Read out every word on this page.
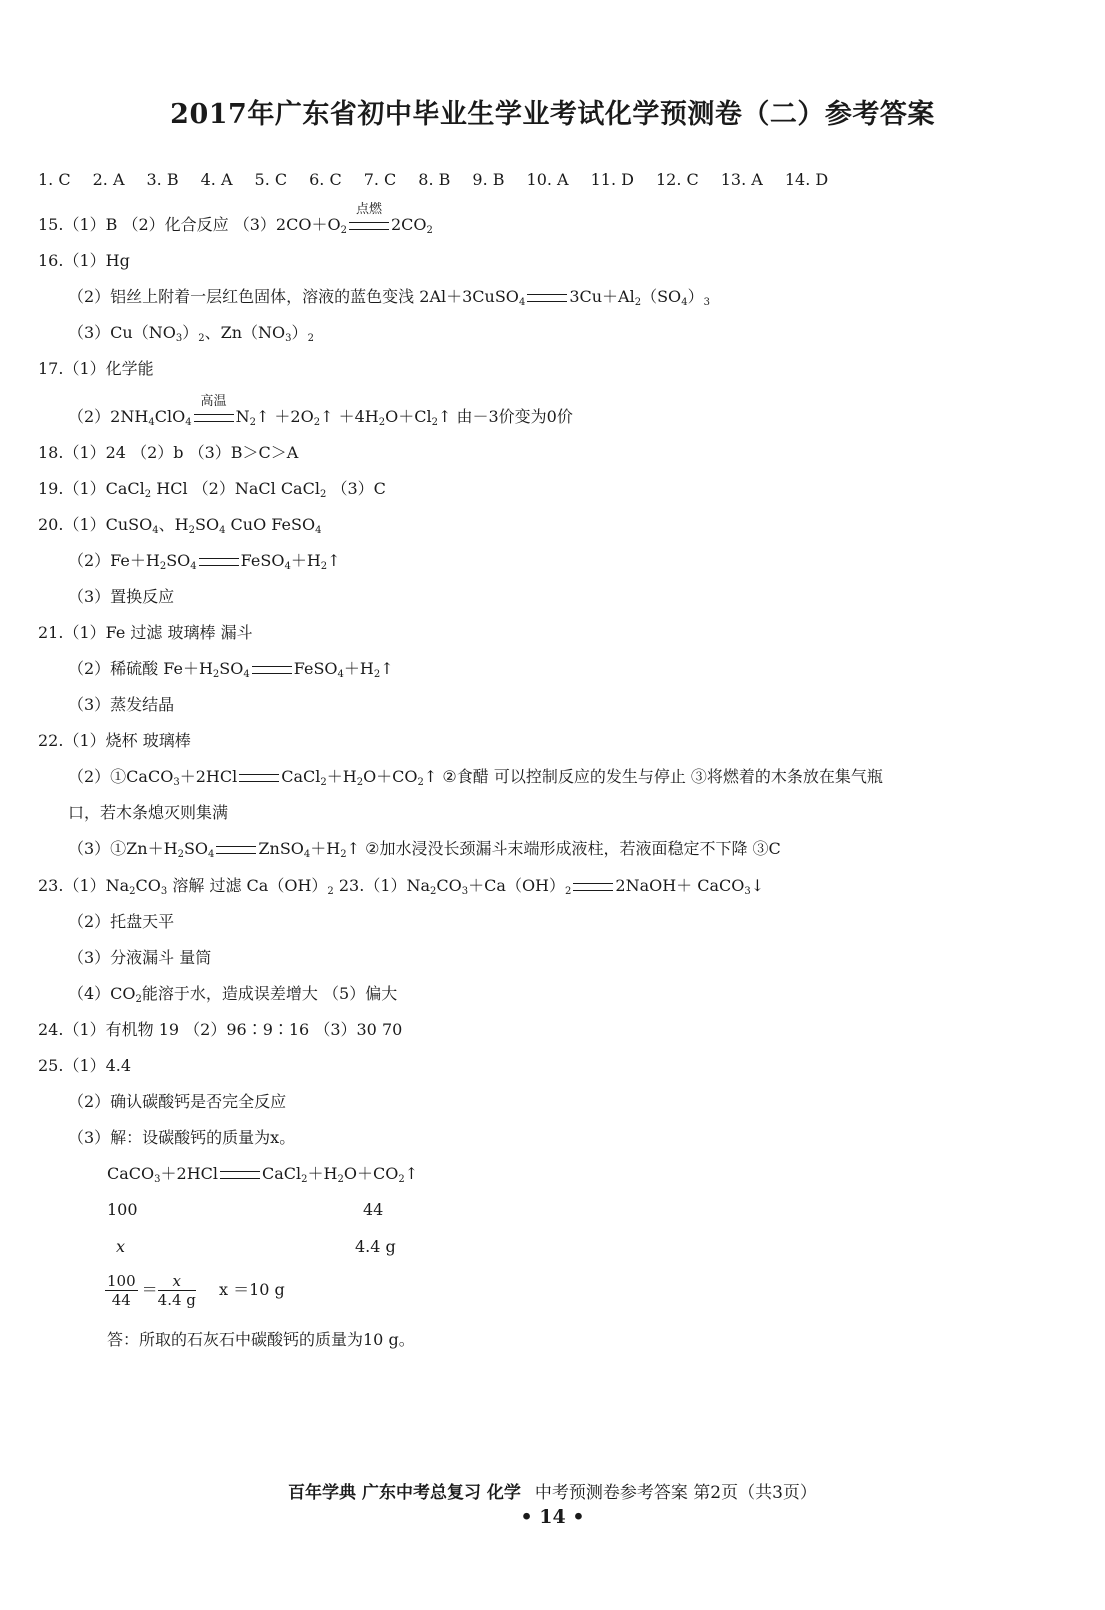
2017年广东省初中毕业生学业考试化学预测卷（二）参考答案
1. C 2. A 3. B 4. A 5. C 6. C 7. C 8. B 9. B 10. A 11. D 12. C 13. A 14. D
15.（1）B （2）化合反应 $(3)2CO+O_2$
点燃
$2CO_2$
16.（1）Hg
（2）铝丝上附着一层红色固体，溶液的蓝色变浅 2Al＋3CuSO$_4$	$3Cu+Al_2(SO_4)_3$
$(3)Cu(NO_3)_2$、$Zn(NO_3)_2$
17.（1）化学能
$(2)2NH_4ClO_4$
高温
$N_2↑$ $+2O_2↑$ $+4H_2O+Cl_2↑$ 由－3价变为0价
18.（1）24 （2）b （3）B＞C＞A
19.（1）CaCl$_2$ HCl （2）NaCl CaCl$_2$ （3）C
20.（1）CuSO$_4$、$H_2SO_4$ CuO FeSO$_4$
$(2)Fe+H_2SO_4$	$FeSO_4+H_2↑$
（3）置换反应
21.（1）Fe 过滤 玻璃棒 漏斗
（2）稀硫酸 $Fe+H_2SO_4$	$FeSO_4+H_2↑$
（3）蒸发结晶
22.（1）烧杯 玻璃棒
（2）①CaCO$_3$＋2HCl	$CaCl_2+H_2O+CO_2↑$ ②食醋 可以控制反应的发生与停止 ③将燃着的木条放在集气瓶
口，若木条熄灭则集满
$(3)①Zn+H_2SO_4$	$ZnSO_4+H_2↑$ ②加水浸没长颈漏斗末端形成液柱，若液面稳定不下降 ③C
$23.(1)Na_2CO_3$ 溶解 过滤 $Ca(OH)_2$ $23.(1)Na_2CO_3+Ca(OH)_2$	2NaOH＋ CaCO$_3$↓
（2）托盘天平
（3）分液漏斗 量筒
$(4)CO_2$能溶于水，造成误差增大 （5）偏大
24.（1）有机物 19 （2）96∶9∶16 （3）30 70
25.（1）4.4
（2）确认碳酸钙是否完全反应
（3）解：设碳酸钙的质量为x。
CaCO$_3$＋2HCl	$CaCl_2+H_2O+CO_2↑$
100	44
x	4.4 g
$\frac{100}{44} = \frac{x}{4.4 g}$ x ＝10 g
答：所取的石灰石中碳酸钙的质量为10 g。
百年学典 广东中考总复习 化学 中考预测卷参考答案 第2页（共3页）
• 14 •
